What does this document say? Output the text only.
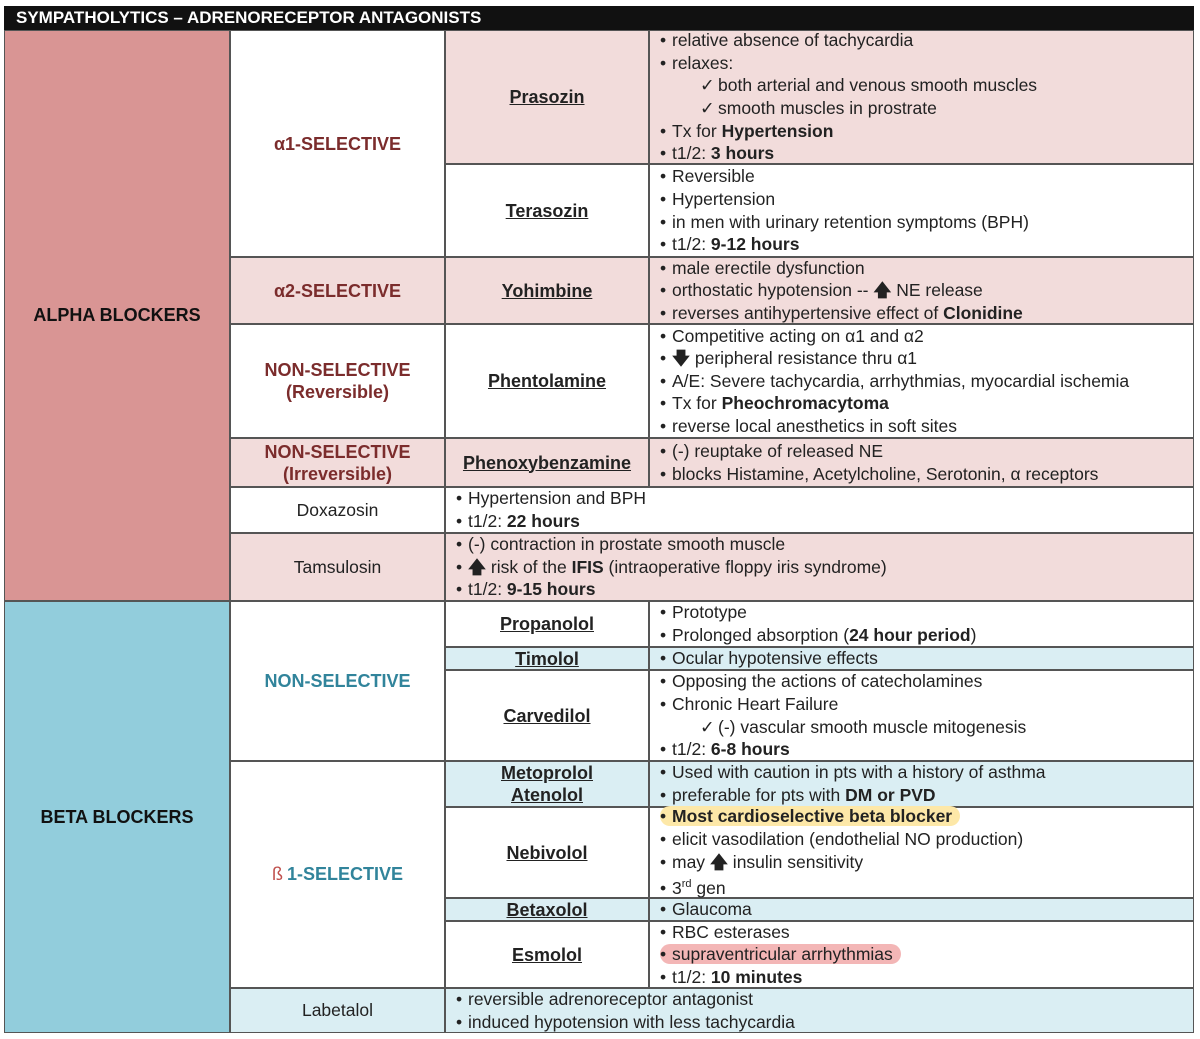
SYMPATHOLYTICS – ADRENORECEPTOR ANTAGONISTS
ALPHA BLOCKERS
BETA BLOCKERS
α1-SELECTIVE
α2-SELECTIVE
NON-SELECTIVE
(Reversible)
NON-SELECTIVE
(Irreversible)
Doxazosin
Tamsulosin
NON-SELECTIVE
ß 1-SELECTIVE
Labetalol
Prasozin
Terasozin
Yohimbine
Phentolamine
Phenoxybenzamine
Propanolol
Timolol
Carvedilol
Metoprolol
Atenolol
Nebivolol
Betaxolol
Esmolol
• relative absence of tachycardia
• relaxes:
✓ both arterial and venous smooth muscles
✓ smooth muscles in prostrate
• Tx for Hypertension
• t1/2: 3 hours
• Reversible
• Hypertension
• in men with urinary retention symptoms (BPH)
• t1/2: 9-12 hours
• male erectile dysfunction
• orthostatic hypotension -- 🡅 NE release
• reverses antihypertensive effect of Clonidine
• Competitive acting on α1 and α2
• 🡇 peripheral resistance thru α1
• A/E: Severe tachycardia, arrhythmias, myocardial ischemia
• Tx for Pheochromacytoma
• reverse local anesthetics in soft sites
• (-) reuptake of released NE
• blocks Histamine, Acetylcholine, Serotonin, α receptors
• Hypertension and BPH
• t1/2: 22 hours
• (-) contraction in prostate smooth muscle
• 🡅 risk of the IFIS (intraoperative floppy iris syndrome)
• t1/2: 9-15 hours
• Prototype
• Prolonged absorption (24 hour period)
• Ocular hypotensive effects
• Opposing the actions of catecholamines
• Chronic Heart Failure
✓ (-) vascular smooth muscle mitogenesis
• t1/2: 6-8 hours
• Used with caution in pts with a history of asthma
• preferable for pts with DM or PVD
• Most cardioselective beta blocker
• elicit vasodilation (endothelial NO production)
• may 🡅 insulin sensitivity
• 3rd gen
• Glaucoma
• RBC esterases
• supraventricular arrhythmias
• t1/2: 10 minutes
• reversible adrenoreceptor antagonist
• induced hypotension with less tachycardia
